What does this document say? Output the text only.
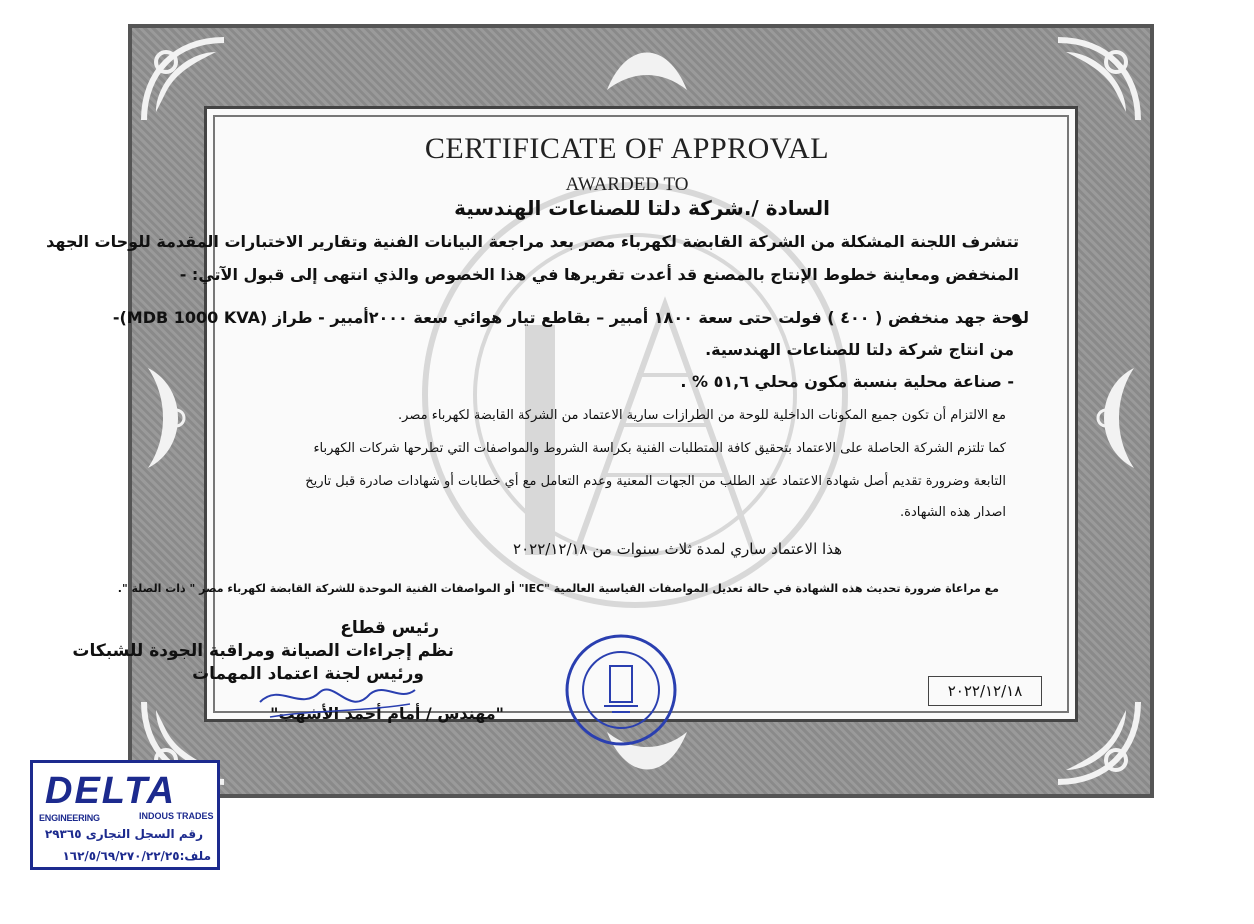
CERTIFICATE OF APPROVAL
AWARDED TO
السادة /.شركة دلتا للصناعات الهندسية
تتشرف اللجنة المشكلة من الشركة القابضة لكهرباء مصر بعد مراجعة البيانات الفنية وتقارير الاختبارات المقدمة للوحات الجهد
المنخفض ومعاينة خطوط الإنتاج بالمصنع قد أعدت تقريرها في هذا الخصوص والذي انتهى إلى قبول الآتي: -
لوحة جهد منخفض ( ٤٠٠ ) فولت حتى سعة ١٨٠٠ أمبير – بقاطع تيار هوائي سعة ٢٠٠٠أمبير - طراز (MDB 1000 KVA)-
من انتاج شركة دلتا للصناعات الهندسية.
- صناعة محلية بنسبة مكون محلي ٥١,٦ % .
مع الالتزام أن تكون جميع المكونات الداخلية للوحة من الطرازات سارية الاعتماد من الشركة القابضة لكهرباء مصر.
كما تلتزم الشركة الحاصلة على الاعتماد بتحقيق كافة المتطلبات الفنية بكراسة الشروط والمواصفات التي تطرحها شركات الكهرباء
التابعة وضرورة تقديم أصل شهادة الاعتماد عند الطلب من الجهات المعنية وعدم التعامل مع أي خطابات أو شهادات صادرة قبل تاريخ
اصدار هذه الشهادة.
هذا الاعتماد ساري لمدة ثلاث سنوات من ٢٠٢٢/١٢/١٨
مع مراعاة ضرورة تحديث هذه الشهادة في حالة تعديل المواصفات القياسية العالمية "IEC" أو المواصفات الفنية الموحدة للشركة القابضة لكهرباء مصر " ذات الصلة ".
رئيس قطاع
نظم إجراءات الصيانة ومراقبة الجودة للشبكات
ورئيس لجنة اعتماد المهمات
"مهندس / أمام أحمد الأشهب"
٢٠٢٢/١٢/١٨
DELTA
ENGINEERING	INDOUS TRADES
رقم السجل التجارى ٢٩٣٦٥
ملف:١٦٢/٥/٦٩/٢٧٠/٢٢/٢٥
